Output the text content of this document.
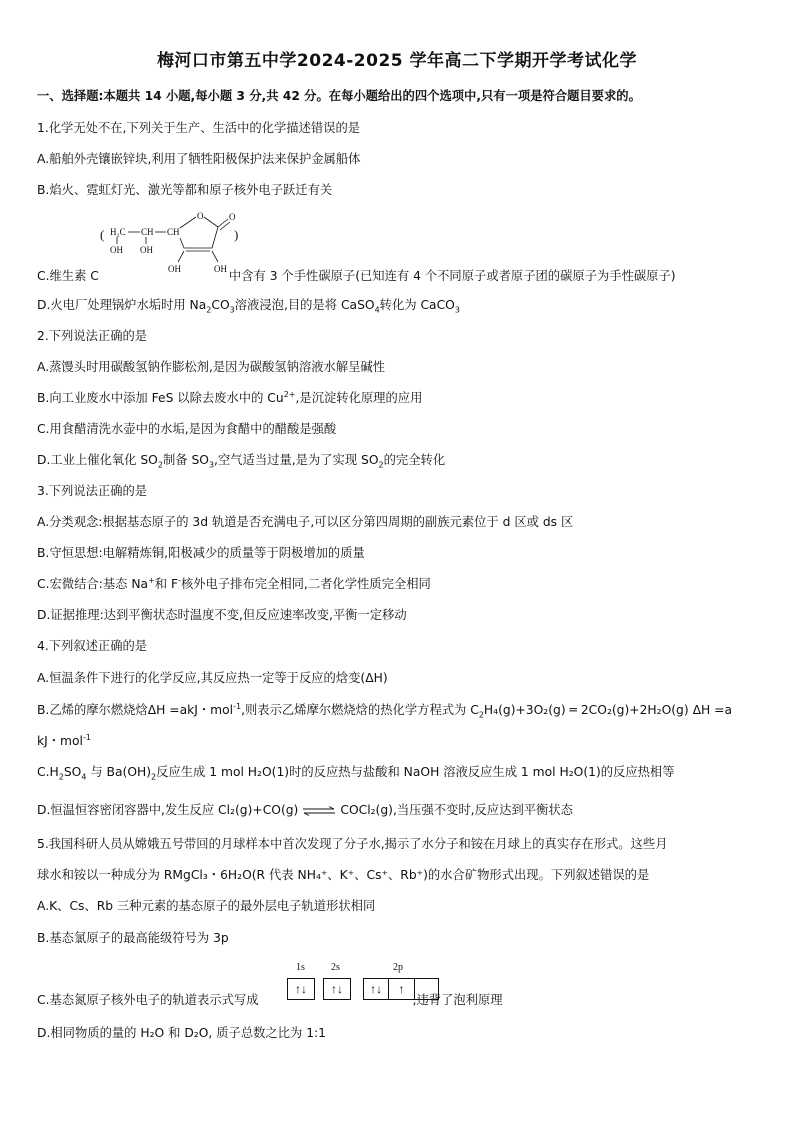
梅河口市第五中学2024-2025 学年高二下学期开学考试化学
一、选择题:本题共 14 小题,每小题 3 分,共 42 分。在每小题给出的四个选项中,只有一项是符合题目要求的。
1.化学无处不在,下列关于生产、生活中的化学描述错误的是
A.船舶外壳镶嵌锌块,利用了牺牲阳极保护法来保护金属船体
B.焰火、霓虹灯光、激光等都和原子核外电子跃迁有关
( H₂C CH CH
OH OH
O	O
OH	OH
)
C.维生素 C	中含有 3 个手性碳原子(已知连有 4 个不同原子或者原子团的碳原子为手性碳原子)
D.火电厂处理锅炉水垢时用 $Na_2CO_3$溶液浸泡,目的是将 CaSO$_4$转化为 CaCO$_3$
2.下列说法正确的是
A.蒸馒头时用碳酸氢钠作膨松剂,是因为碳酸氢钠溶液水解呈碱性
B.向工业废水中添加 FeS 以除去废水中的 $Cu^{2+}$,是沉淀转化原理的应用
C.用食醋清洗水壶中的水垢,是因为食醋中的醋酸是强酸
D.工业上催化氧化 $SO_2$制备 $SO_3$,空气适当过量,是为了实现 $SO_2$的完全转化
3.下列说法正确的是
A.分类观念:根据基态原子的 3d 轨道是否充满电子,可以区分第四周期的副族元素位于 d 区或 ds 区
B.守恒思想:电解精炼铜,阳极减少的质量等于阴极增加的质量
C.宏微结合:基态 Na+和 F-核外电子排布完全相同,二者化学性质完全相同
D.证据推理:达到平衡状态时温度不变,但反应速率改变,平衡一定移动
4.下列叙述正确的是
A.恒温条件下进行的化学反应,其反应热一定等于反应的焓变(ΔH)
B.乙烯的摩尔燃烧焓ΔH =akJ・mol$^{-1}$,则表示乙烯摩尔燃烧焓的热化学方程式为 $C_2H_4(g)+3O_2(g)$ ═ 2CO₂(g)+2H₂O(g) ΔH =a
kJ・mol$^{-1}$
$C.H_2SO_4$ 与 $Ba(OH)_2$反应生成 1 mol H₂O(1)时的反应热与盐酸和 NaOH 溶液反应生成 1 mol H₂O(1)的反应热相等
D.恒温恒容密闭容器中,发生反应 Cl₂(g)+CO(g) ⇌ COCl₂(g),当压强不变时,反应达到平衡状态
5.我国科研人员从嫦娥五号带回的月球样本中首次发现了分子水,揭示了水分子和铵在月球上的真实存在形式。这些月
球水和铵以一种成分为 RMgCl₃・6H₂O(R 代表 NH₄⁺、K⁺、Cs⁺、Rb⁺)的水合矿物形式出现。下列叙述错误的是
A.K、Cs、Rb 三种元素的基态原子的最外层电子轨道形状相同
B.基态氯原子的最高能级符号为 3p
1s	2s	2p
↑↓	↑↓	↑↓	↑
C.基态氮原子核外电子的轨道表示式写成	,违背了泡利原理
D.相同物质的量的 H₂O 和 D₂O, 质子总数之比为 1:1
